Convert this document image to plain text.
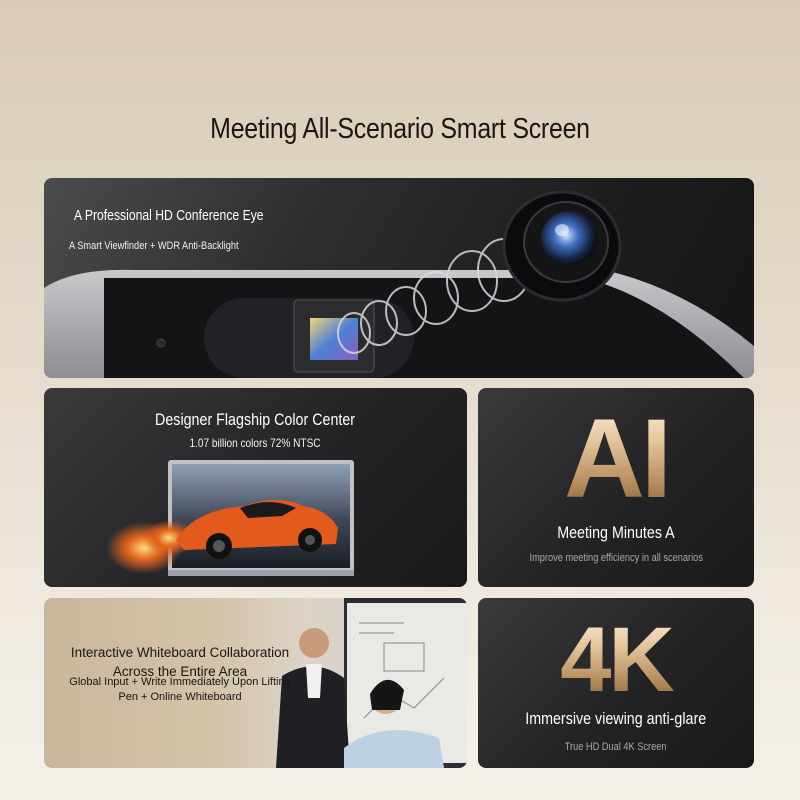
Meeting All-Scenario Smart Screen
A Professional HD Conference Eye
A Smart Viewfinder + WDR Anti-Backlight
Designer Flagship Color Center
1.07 billion colors 72% NTSC	AI
Meeting Minutes A
Improve meeting efficiency in all scenarios
Interactive Whiteboard Collaboration Across the Entire Area
Global Input + Write Immediately Upon Lifting Pen + Online Whiteboard	4K
Immersive viewing anti-glare
True HD Dual 4K Screen
